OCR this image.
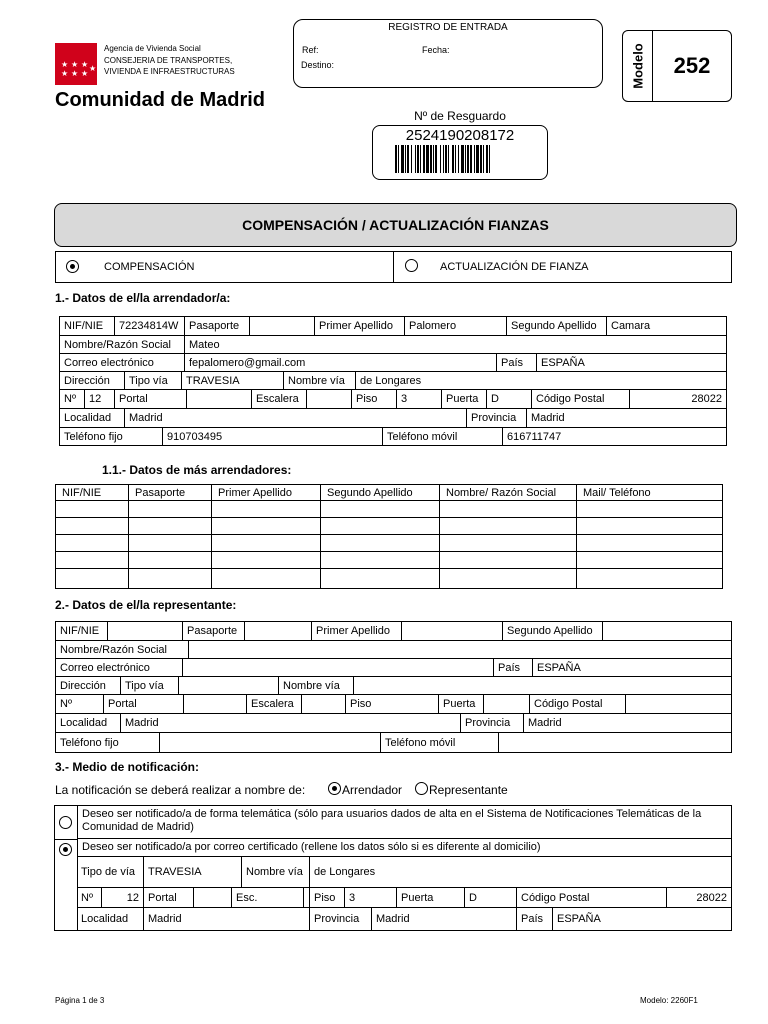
★ ★ ★
★ ★ ★
★
Agencia de Vivienda Social
CONSEJERIA DE TRANSPORTES, VIVIENDA E INFRAESTRUCTURAS
Comunidad de Madrid
REGISTRO DE ENTRADA
Ref:	Fecha:
Destino:	Modelo	252
Nº de Resguardo
2524190208172
COMPENSACIÓN / ACTUALIZACIÓN FIANZAS
COMPENSACIÓN	ACTUALIZACIÓN DE FIANZA
1.- Datos de el/la arrendador/a:
NIF/NIE	72234814W Pasaporte	Primer Apellido	Palomero	Segundo Apellido	Camara
Nombre/Razón Social	Mateo
Correo electrónico	fepalomero@gmail.com	País	ESPAÑA
Dirección	Tipo vía	TRAVESIA	Nombre vía	de Longares
Nº	12	Portal	Escalera	Piso	3	Puerta	D	Código Postal	28022
Localidad	Madrid	Provincia	Madrid
Teléfono fijo	910703495	Teléfono móvil	616711747
1.1.- Datos de más arrendadores:
NIF/NIE	Pasaporte	Primer Apellido	Segundo Apellido	Nombre/ Razón Social	Mail/ Teléfono
2.- Datos de el/la representante:
NIF/NIE	Pasaporte	Primer Apellido	Segundo Apellido
Nombre/Razón Social
Correo electrónico	País	ESPAÑA
Dirección	Tipo vía	Nombre vía
Nº	Portal	Escalera	Piso	Puerta	Código Postal
Localidad	Madrid	Provincia	Madrid
Teléfono fijo	Teléfono móvil
3.- Medio de notificación:
La notificación se deberá realizar a nombre de:	Arrendador Representante
Deseo ser notificado/a de forma telemática (sólo para usuarios dados de alta en el Sistema de Notificaciones Telemáticas de la Comunidad de Madrid)
Deseo ser notificado/a por correo certificado (rellene los datos sólo si es diferente al domicilio)
Tipo de vía	TRAVESIA	Nombre vía	de Longares
Nº	12 Portal	Esc.	Piso	3	Puerta	D	Código Postal	28022
Localidad	Madrid	Provincia	Madrid	País	ESPAÑA
Página 1 de 3	Modelo: 2260F1
